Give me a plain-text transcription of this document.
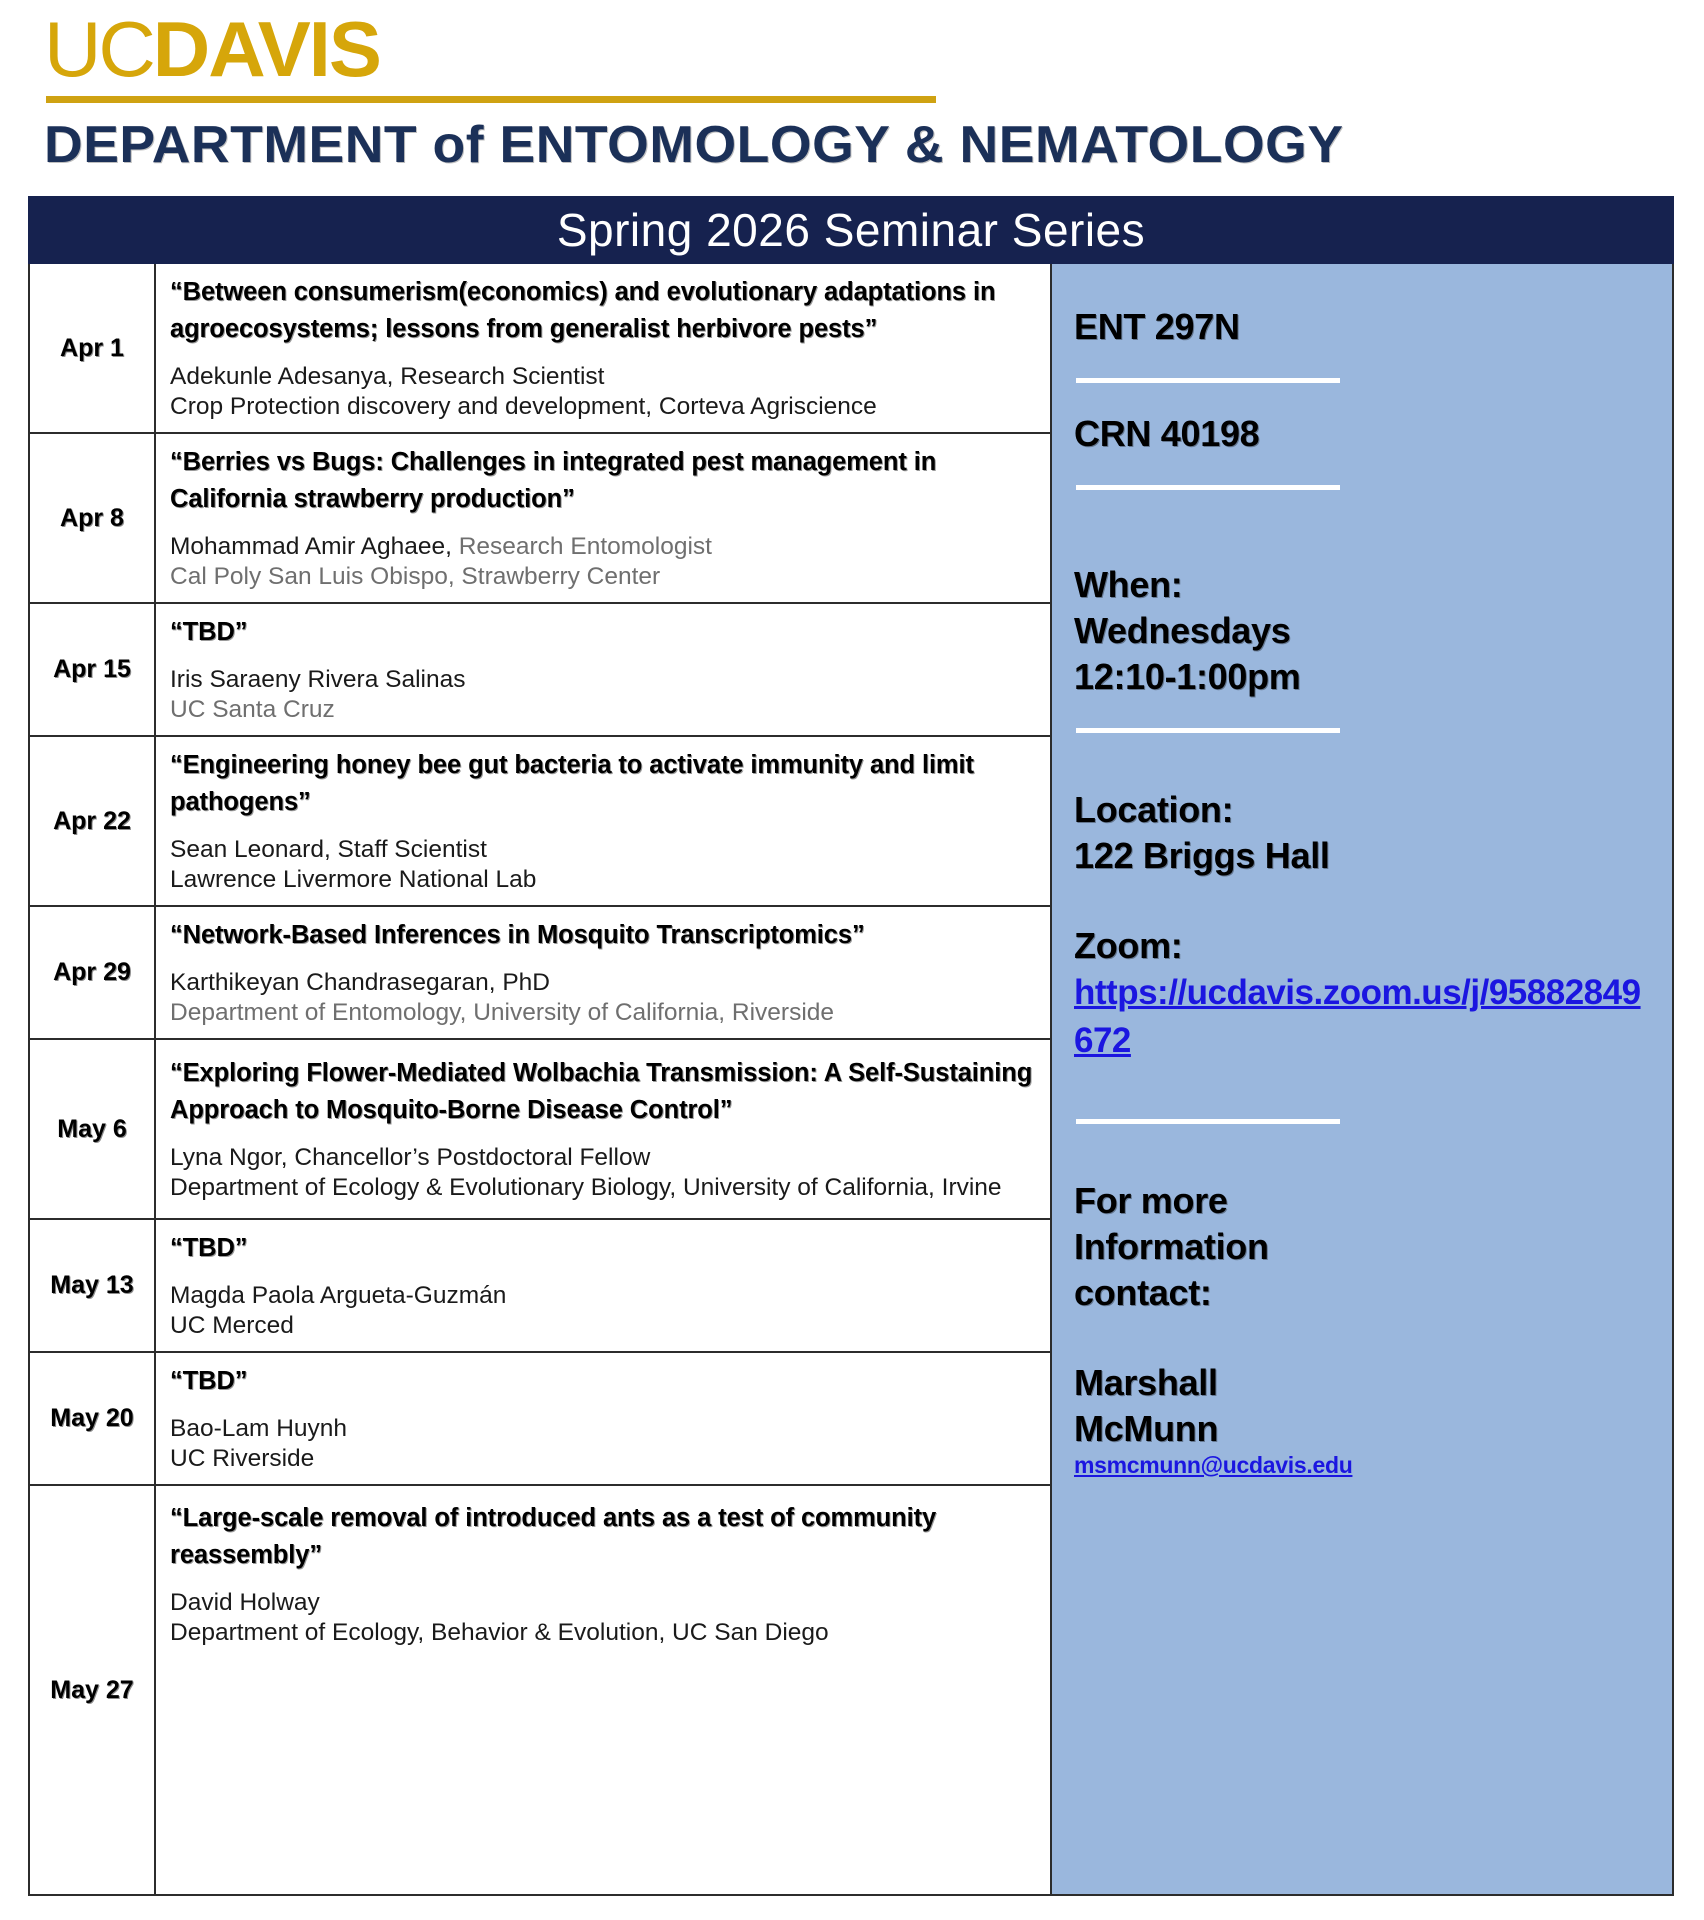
UCDAVIS
DEPARTMENT of ENTOMOLOGY & NEMATOLOGY
Spring 2026 Seminar Series
Apr 1
“Between consumerism(economics) and evolutionary adaptations in agroecosystems; lessons from generalist herbivore pests”
Adekunle Adesanya, Research Scientist
Crop Protection discovery and development, Corteva Agriscience
Apr 8
“Berries vs Bugs: Challenges in integrated pest management in California strawberry production”
Mohammad Amir Aghaee, Research Entomologist
Cal Poly San Luis Obispo, Strawberry Center
Apr 15
“TBD”
Iris Saraeny Rivera Salinas
UC Santa Cruz
Apr 22
“Engineering honey bee gut bacteria to activate immunity and limit pathogens”
Sean Leonard, Staff Scientist
Lawrence Livermore National Lab
Apr 29
“Network-Based Inferences in Mosquito Transcriptomics”
Karthikeyan Chandrasegaran, PhD
Department of Entomology, University of California, Riverside
May 6
“Exploring Flower-Mediated Wolbachia Transmission: A Self-Sustaining Approach to Mosquito-Borne Disease Control”
Lyna Ngor, Chancellor’s Postdoctoral Fellow
Department of Ecology & Evolutionary Biology, University of California, Irvine
May 13
“TBD”
Magda Paola Argueta-Guzmán
UC Merced
May 20
“TBD”
Bao-Lam Huynh
UC Riverside
May 27
“Large-scale removal of introduced ants as a test of community reassembly”
David Holway
Department of Ecology, Behavior & Evolution, UC San Diego
ENT 297N
CRN 40198
When:
Wednesdays
12:10-1:00pm
Location:
122 Briggs Hall
Zoom:
https://ucdavis.zoom.us/j/95882849672
For more
Information
contact:
Marshall
McMunn
msmcmunn@ucdavis.edu
